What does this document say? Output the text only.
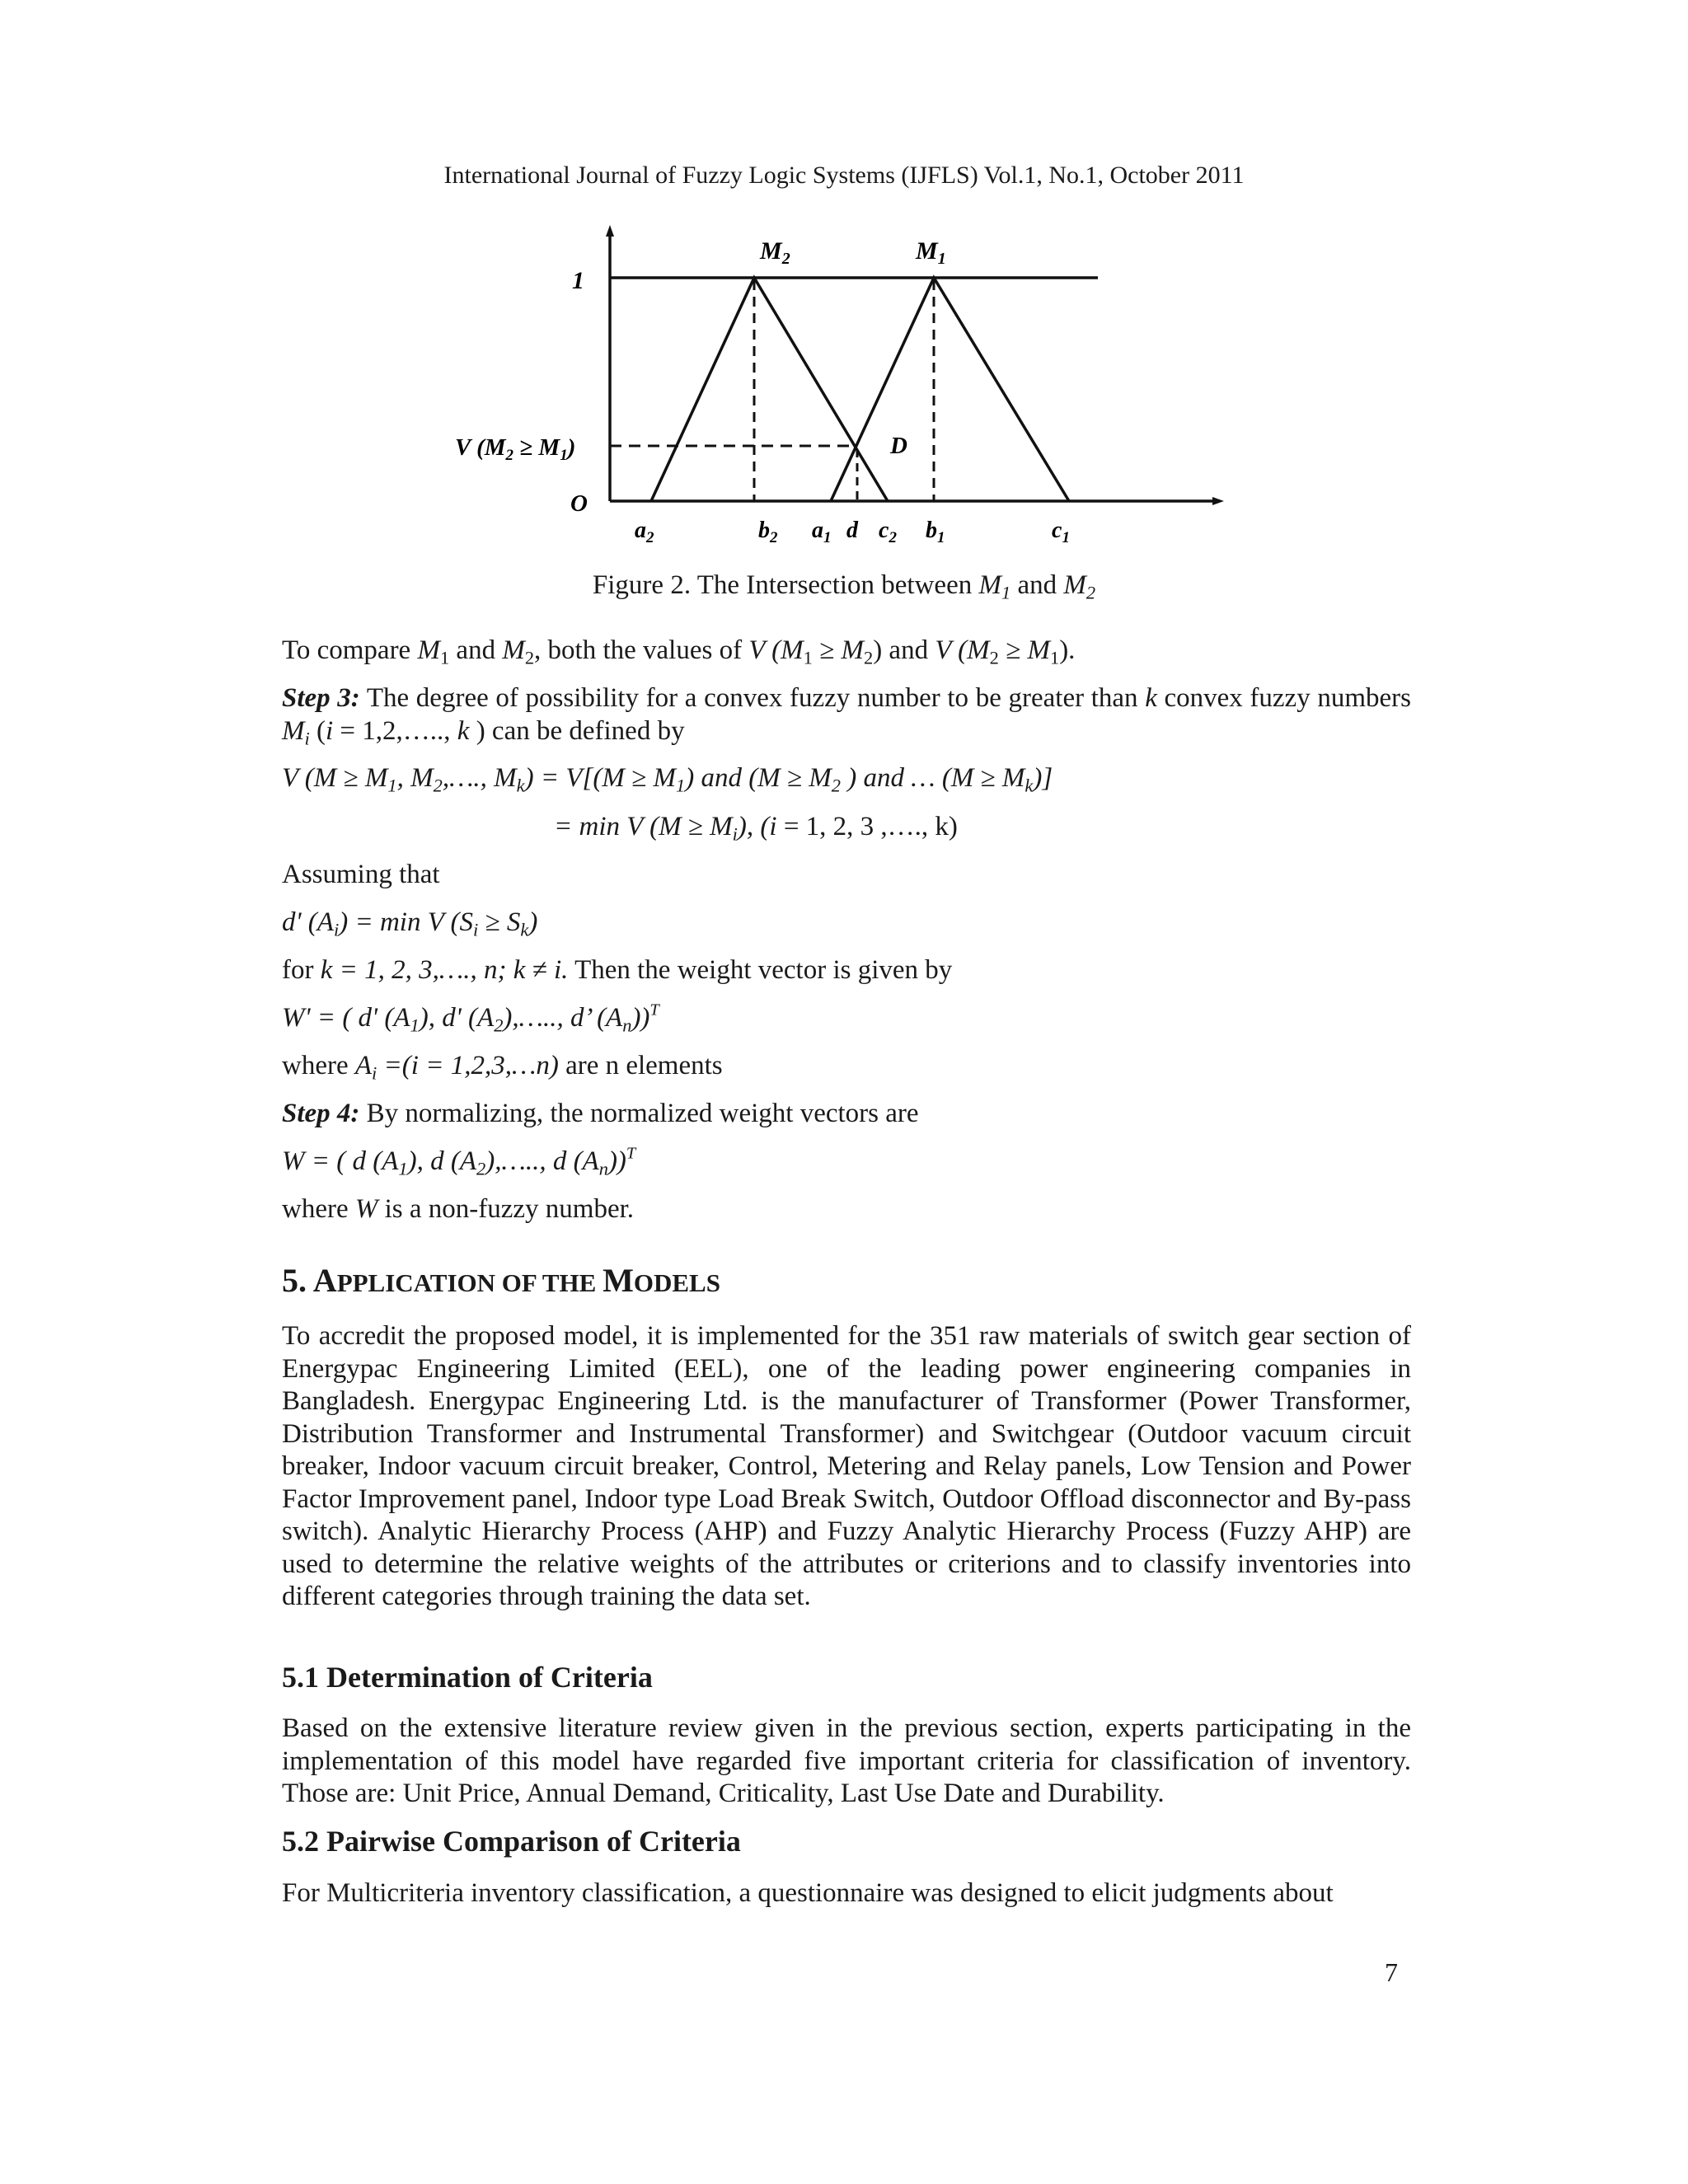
International Journal of Fuzzy Logic Systems (IJFLS) Vol.1, No.1, October 2011
1
V $(M_2 \ge M_1)$
O
$M_2$	$M_1$
D
$a_2$	$b_2$ $a_1$ d $c_2$ $b_1$	$c_1$
Figure 2. The Intersection between $M_1$ and $M_2$
To compare $M_1$ and $M_2$, both the values of V $(M_1 \ge M_2)$ and V $(M_2 \ge M_1)$.
Step 3: The degree of possibility for a convex fuzzy number to be greater than k convex fuzzy numbers $M_i$ (i = 1,2,….., k ) can be defined by
V ($M \ge M_1$, $M_2,\dots$., $M_k) = V[(M \ge M_1)$ and ($M \ge M_2$ ) and … $(M \ge M_k)$]
= min V $(M \ge M_i)$, (i = 1, 2, 3 ,…., k)
Assuming that
d' $(A_i) = \min V$ $(S_i \ge S_k)$
for k = 1, 2, 3,…., n; k ≠ i. Then the weight vector is given by
W' = ( d' $(A_1)$, d' $(A_2),\dots$.., d’ $(A_n))^T$
where $A_i =(i$ = 1,2,3,…n) are n elements
Step 4: By normalizing, the normalized weight vectors are
W = ( d $(A_1)$, d $(A_2),\dots$.., d $(A_n))^T$
where W is a non-fuzzy number.
5. APPLICATION OF THE MODELS
To accredit the proposed model, it is implemented for the 351 raw materials of switch gear section of Energypac Engineering Limited (EEL), one of the leading power engineering companies in Bangladesh. Energypac Engineering Ltd. is the manufacturer of Transformer (Power Transformer, Distribution Transformer and Instrumental Transformer) and Switchgear (Outdoor vacuum circuit breaker, Indoor vacuum circuit breaker, Control, Metering and Relay panels, Low Tension and Power Factor Improvement panel, Indoor type Load Break Switch, Outdoor Offload disconnector and By-pass switch). Analytic Hierarchy Process (AHP) and Fuzzy Analytic Hierarchy Process (Fuzzy AHP) are used to determine the relative weights of the attributes or criterions and to classify inventories into different categories through training the data set.
5.1 Determination of Criteria
Based on the extensive literature review given in the previous section, experts participating in the implementation of this model have regarded five important criteria for classification of inventory. Those are: Unit Price, Annual Demand, Criticality, Last Use Date and Durability.
5.2 Pairwise Comparison of Criteria
For Multicriteria inventory classification, a questionnaire was designed to elicit judgments about
7
